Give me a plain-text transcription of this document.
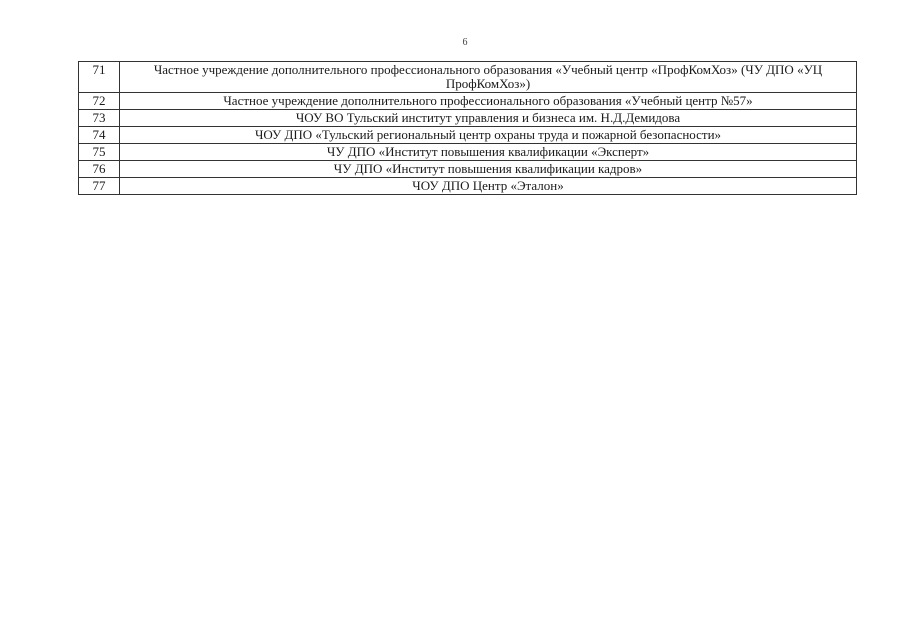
6
71	Частное учреждение дополнительного профессионального образования «Учебный центр «ПрофКомХоз» (ЧУ ДПО «УЦ ПрофКомХоз»)
72	Частное учреждение дополнительного профессионального образования «Учебный центр №57»
73	ЧОУ ВО Тульский институт управления и бизнеса им. Н.Д.Демидова
74	ЧОУ ДПО «Тульский региональный центр охраны труда и пожарной безопасности»
75	ЧУ ДПО «Институт повышения квалификации «Эксперт»
76	ЧУ ДПО «Институт повышения квалификации кадров»
77	ЧОУ ДПО Центр «Эталон»
